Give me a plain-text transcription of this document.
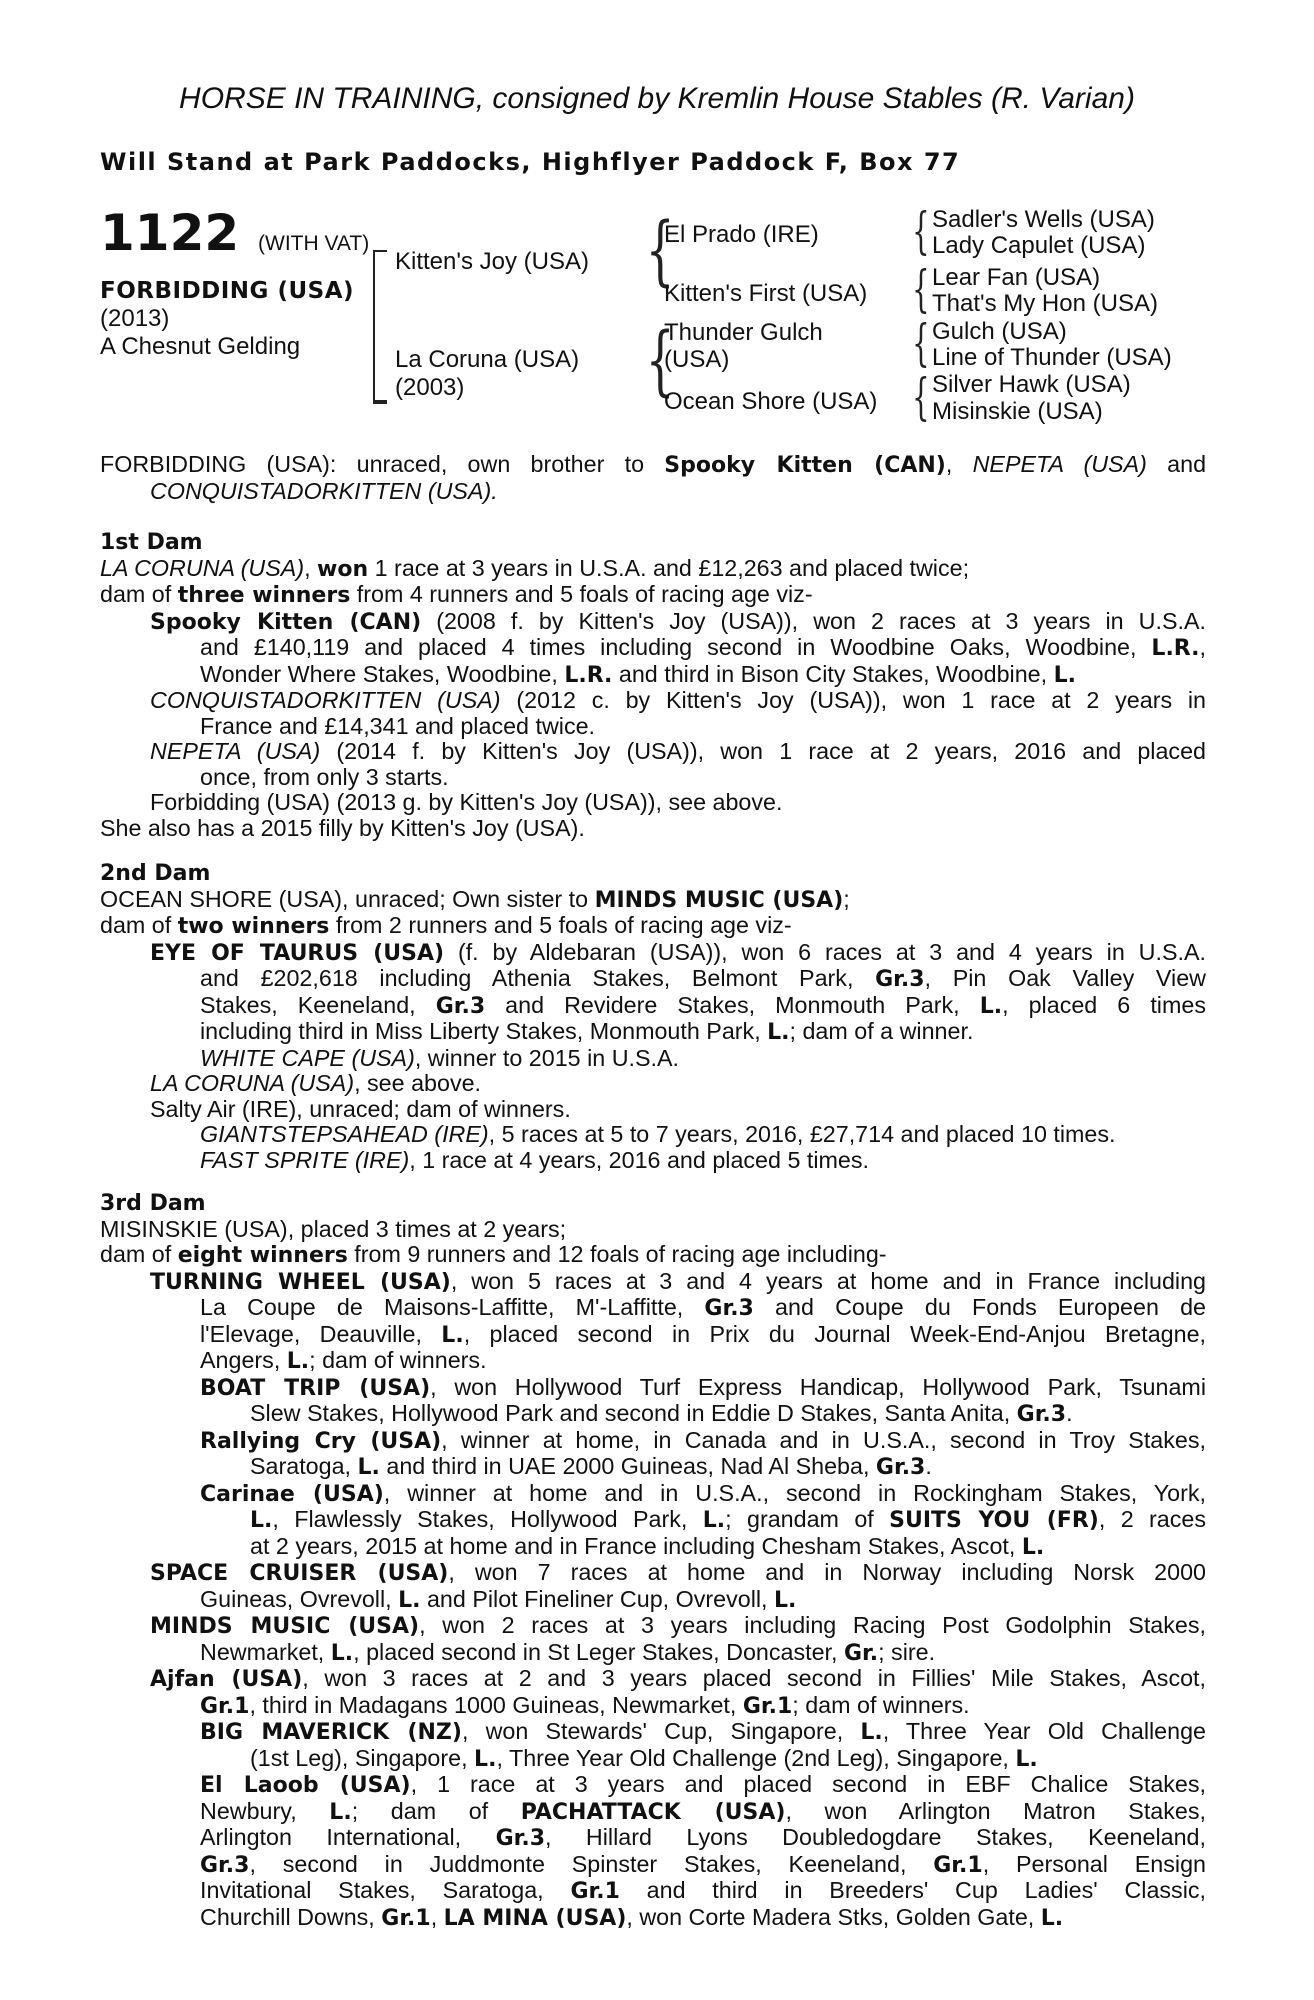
HORSE IN TRAINING, consigned by Kremlin House Stables (R. Varian)
Will Stand at Park Paddocks, Highflyer Paddock F, Box 77
1122 (WITH VAT)
FORBIDDING (USA)
(2013)
A Chesnut Gelding
Kitten's Joy (USA)
La Coruna (USA)
(2003)
{
{
El Prado (IRE)
Kitten's First (USA)
Thunder Gulch
(USA)
Ocean Shore (USA)
{
{
{
{
Sadler's Wells (USA)
Lady Capulet (USA)
Lear Fan (USA)
That's My Hon (USA)
Gulch (USA)
Line of Thunder (USA)
Silver Hawk (USA)
Misinskie (USA)
FORBIDDING (USA): unraced, own brother to Spooky Kitten (CAN), NEPETA (USA) and
CONQUISTADORKITTEN (USA).
1st Dam
LA CORUNA (USA), won 1 race at 3 years in U.S.A. and £12,263 and placed twice;
dam of three winners from 4 runners and 5 foals of racing age viz-
Spooky Kitten (CAN) (2008 f. by Kitten's Joy (USA)), won 2 races at 3 years in U.S.A.
and £140,119 and placed 4 times including second in Woodbine Oaks, Woodbine, L.R.,
Wonder Where Stakes, Woodbine, L.R. and third in Bison City Stakes, Woodbine, L.
CONQUISTADORKITTEN (USA) (2012 c. by Kitten's Joy (USA)), won 1 race at 2 years in
France and £14,341 and placed twice.
NEPETA (USA) (2014 f. by Kitten's Joy (USA)), won 1 race at 2 years, 2016 and placed
once, from only 3 starts.
Forbidding (USA) (2013 g. by Kitten's Joy (USA)), see above.
She also has a 2015 filly by Kitten's Joy (USA).
2nd Dam
OCEAN SHORE (USA), unraced; Own sister to MINDS MUSIC (USA);
dam of two winners from 2 runners and 5 foals of racing age viz-
EYE OF TAURUS (USA) (f. by Aldebaran (USA)), won 6 races at 3 and 4 years in U.S.A.
and £202,618 including Athenia Stakes, Belmont Park, Gr.3, Pin Oak Valley View
Stakes, Keeneland, Gr.3 and Revidere Stakes, Monmouth Park, L., placed 6 times
including third in Miss Liberty Stakes, Monmouth Park, L.; dam of a winner.
WHITE CAPE (USA), winner to 2015 in U.S.A.
LA CORUNA (USA), see above.
Salty Air (IRE), unraced; dam of winners.
GIANTSTEPSAHEAD (IRE), 5 races at 5 to 7 years, 2016, £27,714 and placed 10 times.
FAST SPRITE (IRE), 1 race at 4 years, 2016 and placed 5 times.
3rd Dam
MISINSKIE (USA), placed 3 times at 2 years;
dam of eight winners from 9 runners and 12 foals of racing age including-
TURNING WHEEL (USA), won 5 races at 3 and 4 years at home and in France including
La Coupe de Maisons-Laffitte, M'-Laffitte, Gr.3 and Coupe du Fonds Europeen de
l'Elevage, Deauville, L., placed second in Prix du Journal Week-End-Anjou Bretagne,
Angers, L.; dam of winners.
BOAT TRIP (USA), won Hollywood Turf Express Handicap, Hollywood Park, Tsunami
Slew Stakes, Hollywood Park and second in Eddie D Stakes, Santa Anita, Gr.3.
Rallying Cry (USA), winner at home, in Canada and in U.S.A., second in Troy Stakes,
Saratoga, L. and third in UAE 2000 Guineas, Nad Al Sheba, Gr.3.
Carinae (USA), winner at home and in U.S.A., second in Rockingham Stakes, York,
L., Flawlessly Stakes, Hollywood Park, L.; grandam of SUITS YOU (FR), 2 races
at 2 years, 2015 at home and in France including Chesham Stakes, Ascot, L.
SPACE CRUISER (USA), won 7 races at home and in Norway including Norsk 2000
Guineas, Ovrevoll, L. and Pilot Fineliner Cup, Ovrevoll, L.
MINDS MUSIC (USA), won 2 races at 3 years including Racing Post Godolphin Stakes,
Newmarket, L., placed second in St Leger Stakes, Doncaster, Gr.; sire.
Ajfan (USA), won 3 races at 2 and 3 years placed second in Fillies' Mile Stakes, Ascot,
Gr.1, third in Madagans 1000 Guineas, Newmarket, Gr.1; dam of winners.
BIG MAVERICK (NZ), won Stewards' Cup, Singapore, L., Three Year Old Challenge
(1st Leg), Singapore, L., Three Year Old Challenge (2nd Leg), Singapore, L.
El Laoob (USA), 1 race at 3 years and placed second in EBF Chalice Stakes,
Newbury, L.; dam of PACHATTACK (USA), won Arlington Matron Stakes,
Arlington International, Gr.3, Hillard Lyons Doubledogdare Stakes, Keeneland,
Gr.3, second in Juddmonte Spinster Stakes, Keeneland, Gr.1, Personal Ensign
Invitational Stakes, Saratoga, Gr.1 and third in Breeders' Cup Ladies' Classic,
Churchill Downs, Gr.1, LA MINA (USA), won Corte Madera Stks, Golden Gate, L.
